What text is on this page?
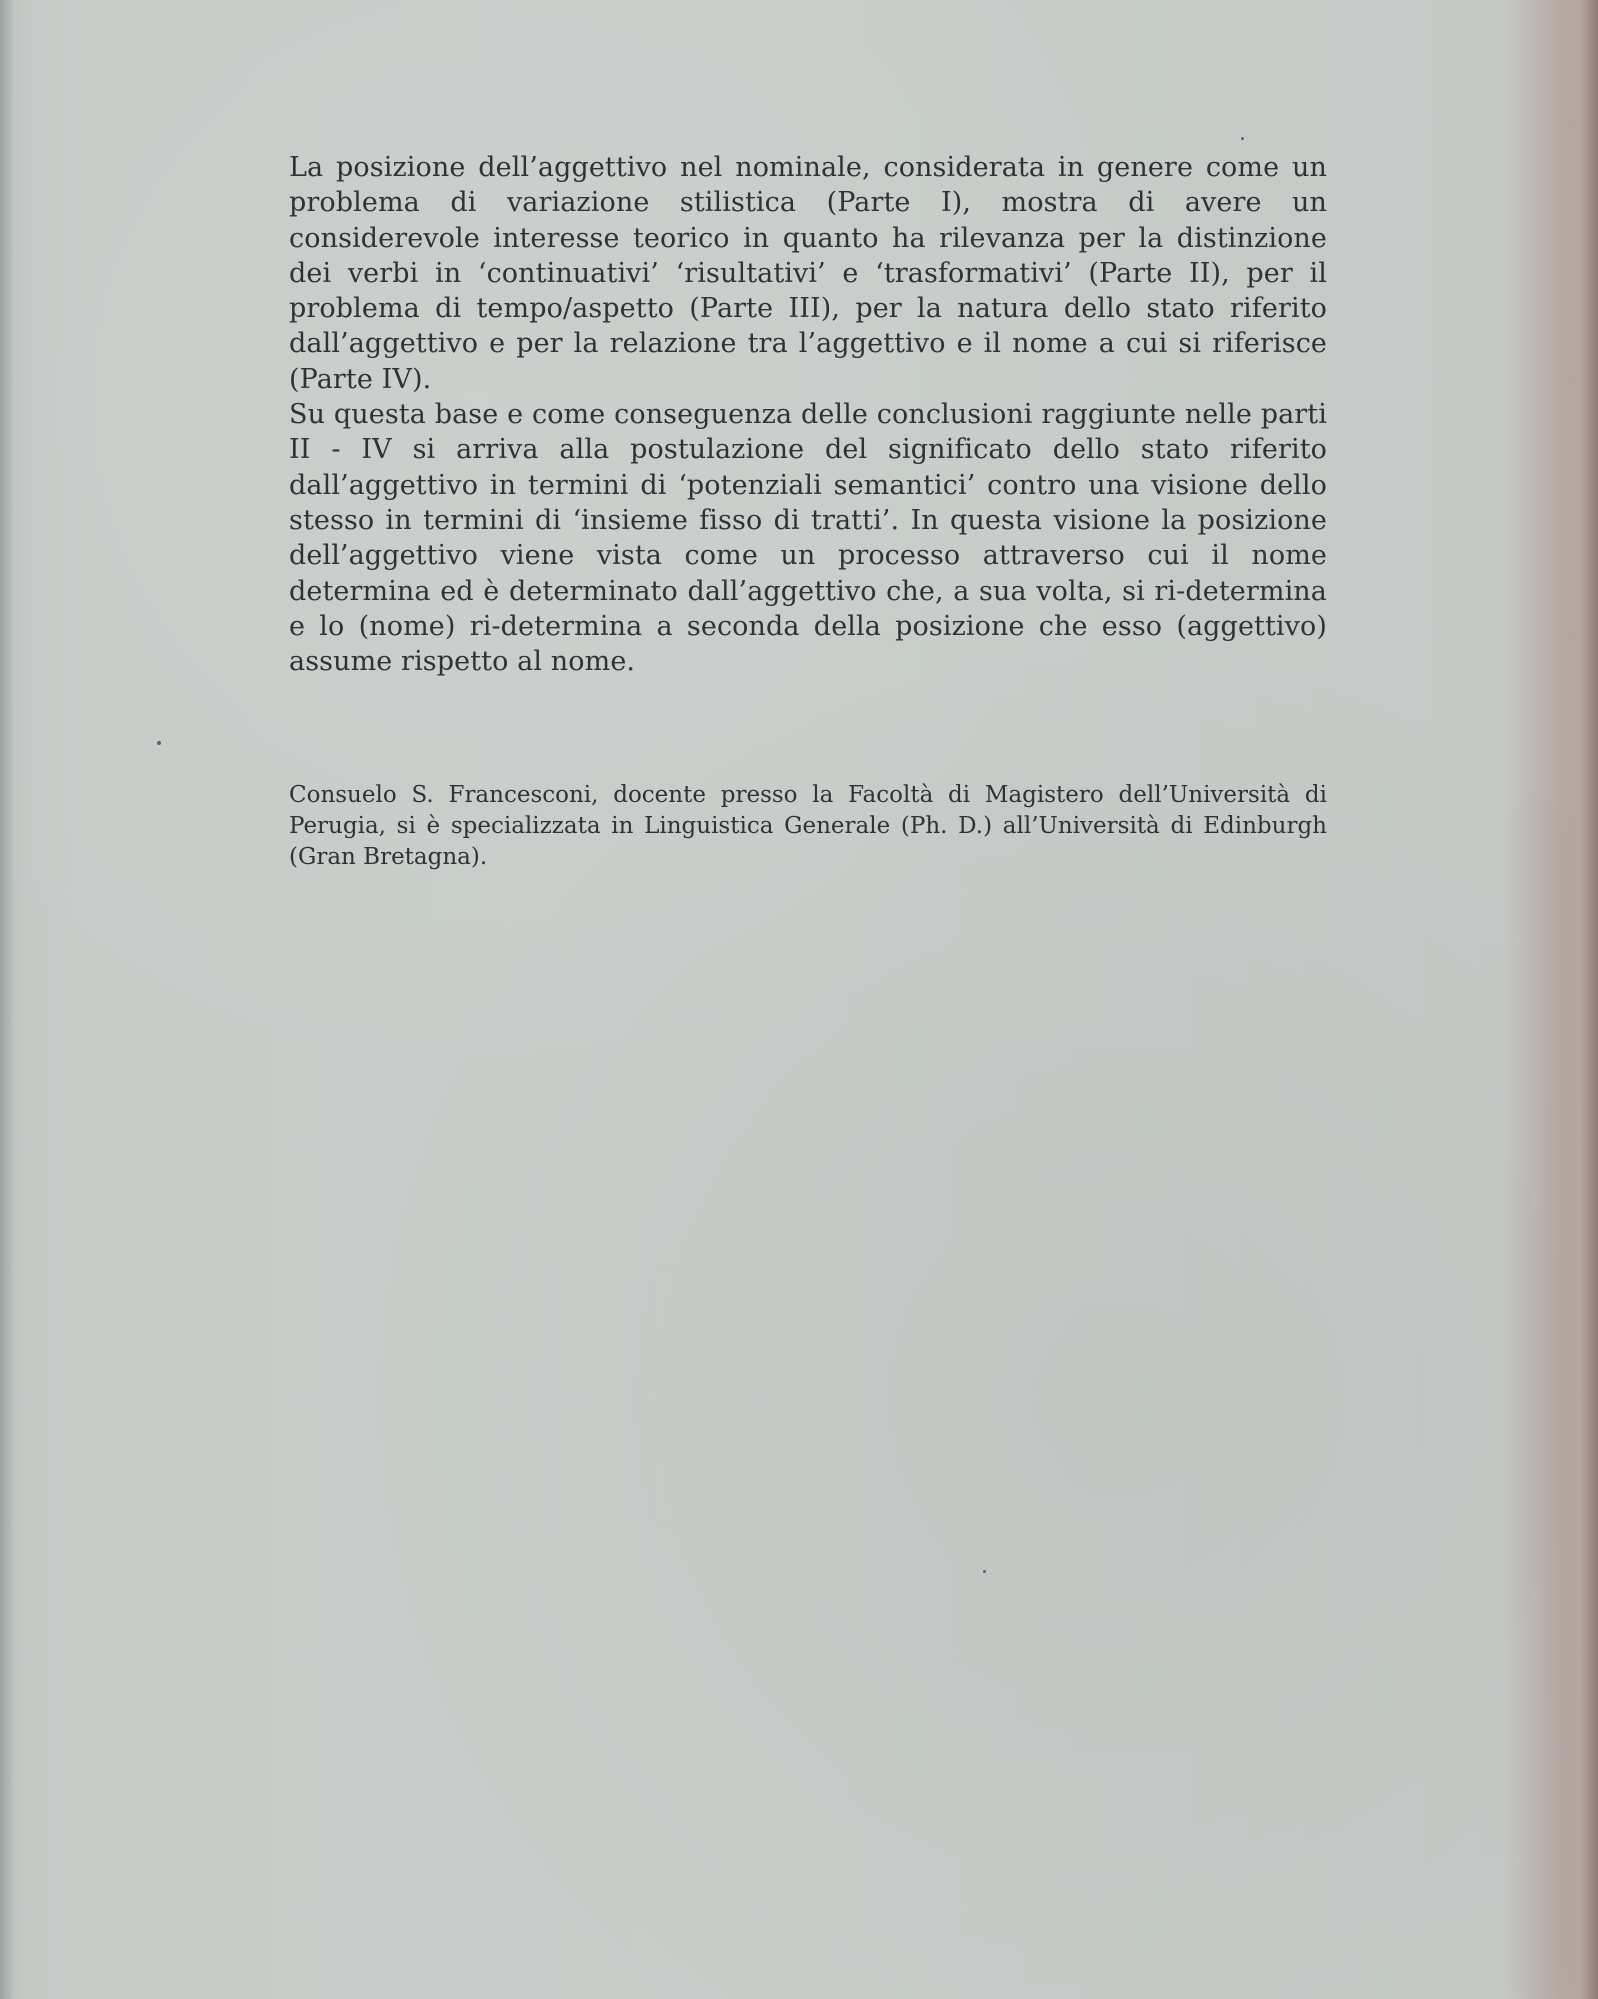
La posizione dell’aggettivo nel nominale, considerata in genere come un problema di variazione stilistica (Parte I), mostra di avere un considerevole interesse teorico in quanto ha rilevanza per la distinzione dei verbi in ‘continuativi’ ‘risultativi’ e ‘trasformativi’ (Parte II), per il problema di tempo/aspetto (Parte III), per la natura dello stato riferito dall’aggettivo e per la relazione tra l’aggettivo e il nome a cui si riferisce (Parte IV).

Su questa base e come conseguenza delle conclusioni raggiunte nelle parti II - IV si arriva alla postulazione del significato dello stato riferito dall’aggettivo in termini di ‘potenziali semantici’ contro una visione dello stesso in termini di ‘insieme fisso di tratti’. In questa visione la posizione dell’aggettivo viene vista come un processo attraverso cui il nome determina ed è determinato dall’aggettivo che, a sua volta, si ri-determina e lo (nome) ri-determina a seconda della posizione che esso (aggettivo) assume rispetto al nome.

Consuelo S. Francesconi, docente presso la Facoltà di Magistero dell’Università di Perugia, si è specializzata in Linguistica Generale (Ph. D.) all’Università di Edinburgh (Gran Bretagna).
